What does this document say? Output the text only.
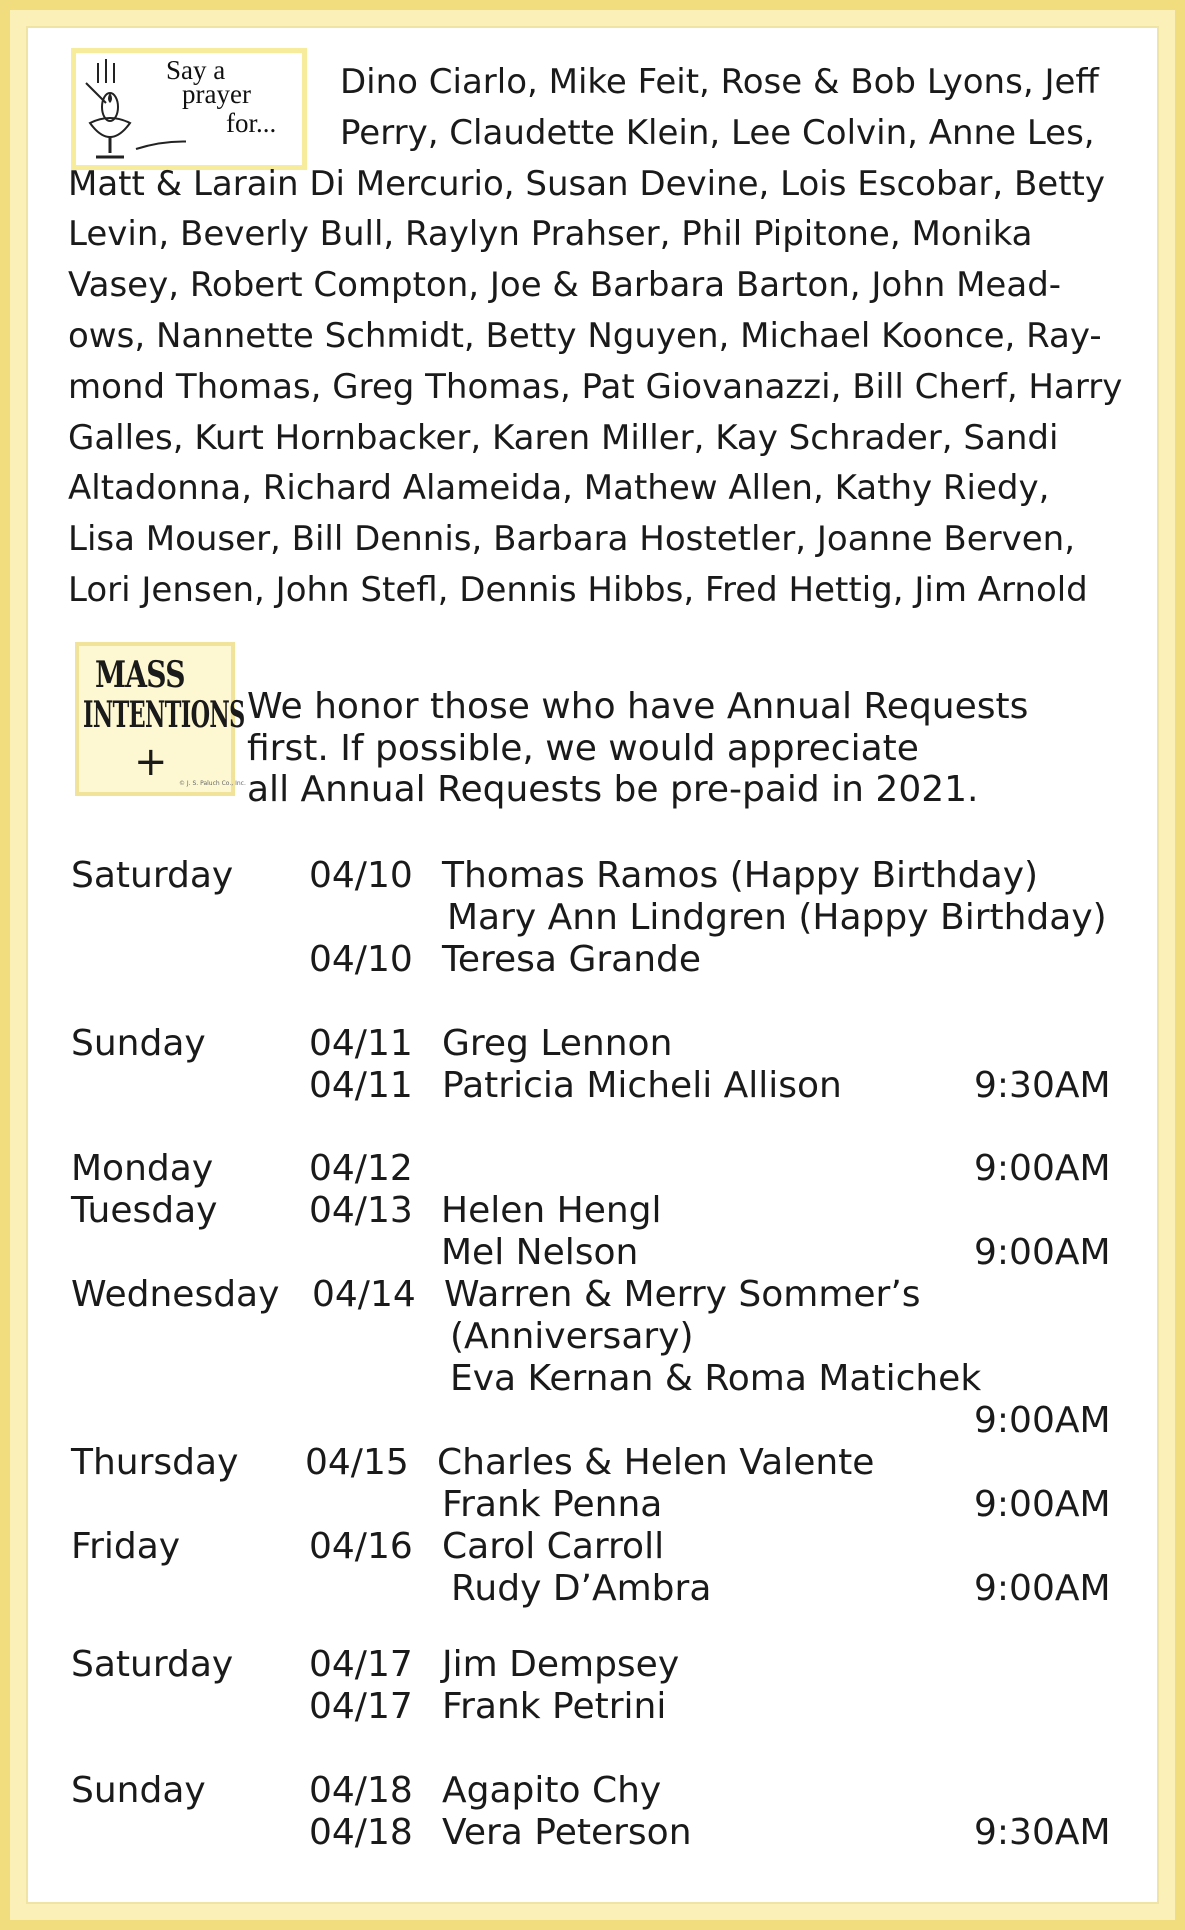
Say a
prayer
for...
Dino Ciarlo, Mike Feit, Rose & Bob Lyons, Jeff
Perry, Claudette Klein, Lee Colvin, Anne Les,
Matt & Larain Di Mercurio, Susan Devine, Lois Escobar, Betty
Levin, Beverly Bull, Raylyn Prahser, Phil Pipitone, Monika
Vasey, Robert Compton, Joe & Barbara Barton, John Mead-
ows, Nannette Schmidt, Betty Nguyen, Michael Koonce, Ray-
mond Thomas, Greg Thomas, Pat Giovanazzi, Bill Cherf, Harry
Galles, Kurt Hornbacker, Karen Miller, Kay Schrader, Sandi
Altadonna, Richard Alameida, Mathew Allen, Kathy Riedy,
Lisa Mouser, Bill Dennis, Barbara Hostetler, Joanne Berven,
Lori Jensen, John Stefl, Dennis Hibbs, Fred Hettig, Jim Arnold
MASS
INTENTIONS
+ © J. S. Paluch Co., Inc.
We honor those who have Annual Requests
first. If possible, we would appreciate
all Annual Requests be pre-paid in 2021.
Saturday 04/10 Thomas Ramos (Happy Birthday)
Mary Ann Lindgren (Happy Birthday)
04/10 Teresa Grande
Sunday	04/11 Greg Lennon
04/11 Patricia Micheli Allison	9:30AM
Monday	04/12	9:00AM
Tuesday	04/13 Helen Hengl
Mel Nelson	9:00AM
Wednesday 04/14 Warren & Merry Sommer’s
(Anniversary)
Eva Kernan & Roma Matichek
9:00AM
Thursday 04/15 Charles & Helen Valente
Frank Penna	9:00AM
Friday	04/16 Carol Carroll
Rudy D’Ambra	9:00AM
Saturday 04/17 Jim Dempsey
04/17 Frank Petrini
Sunday	04/18 Agapito Chy
04/18 Vera Peterson	9:30AM
